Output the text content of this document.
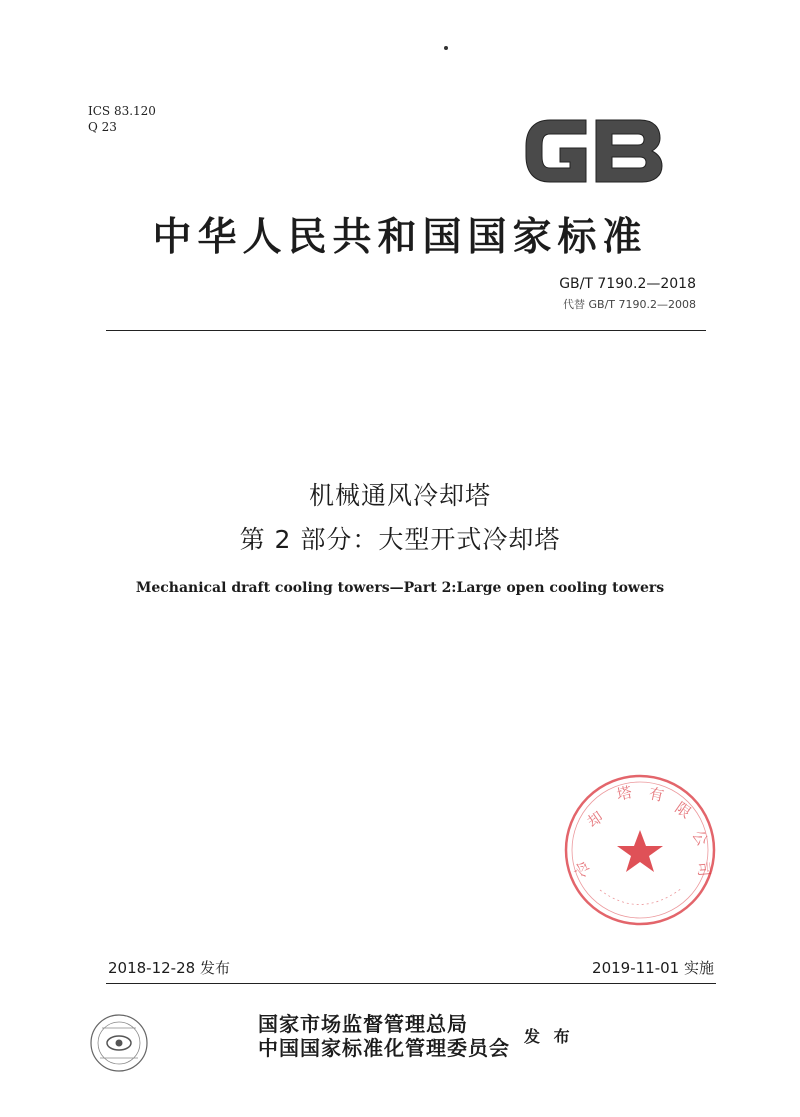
ICS 83.120
Q 23
中华人民共和国国家标准
GB/T 7190.2—2018
代替 GB/T 7190.2—2008
机械通风冷却塔
第 2 部分：大型开式冷却塔
Mechanical draft cooling towers—Part 2:Large open cooling towers
冷
却
塔 有
限
公
司
2018-12-28 发布	2019-11-01 实施
国家市场监督管理总局
中国国家标准化管理委员会 发 布
